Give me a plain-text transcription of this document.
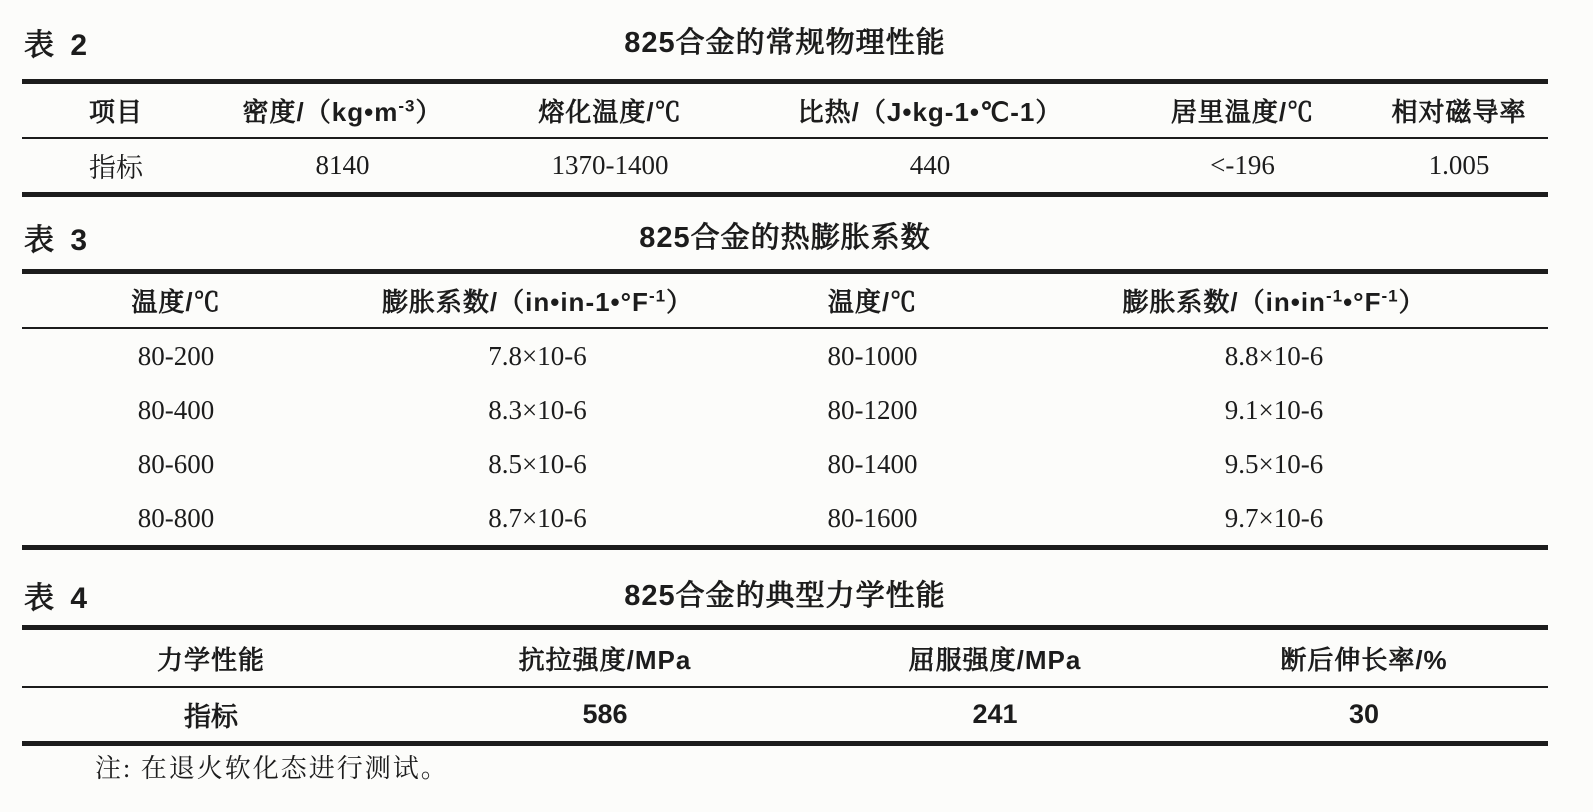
表 2	825合金的常规物理性能
项目	密度$/(kg•m^{-3})$	熔化温度/℃	比热/（J•kg-1•℃-1）	居里温度/℃	相对磁导率
指标	8140	1370-1400	440	<-196	1.005
表 3	825合金的热膨胀系数
温度/℃	膨胀系数$/(in•in-1•^\circ F^{-1})$	温度/℃	膨胀系数$/(in•in^{-1}•^\circ F^{-1})$
80-200	7.8×10-6	80-1000	8.8×10-6
80-400	8.3×10-6	80-1200	9.1×10-6
80-600	8.5×10-6	80-1400	9.5×10-6
80-800	8.7×10-6	80-1600	9.7×10-6
表 4	825合金的典型力学性能
力学性能	抗拉强度/MPa	屈服强度/MPa	断后伸长率/%
指标	586	241	30

注: 在退火软化态进行测试。
